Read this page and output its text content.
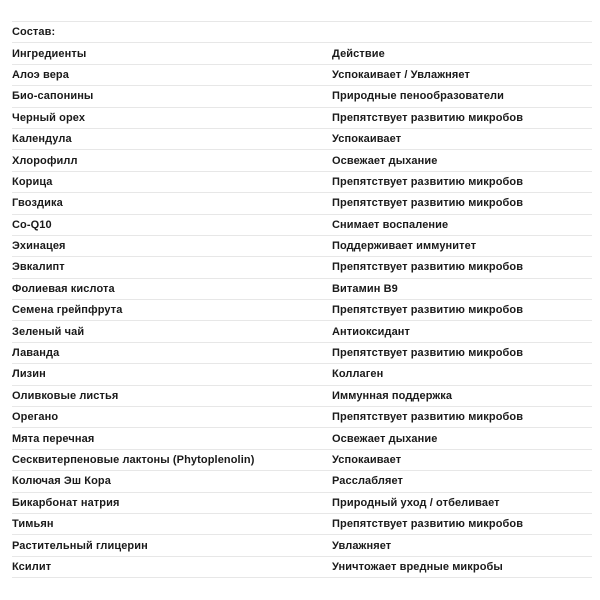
Состав:
Ингредиенты	Действие
Алоэ вера	Успокаивает / Увлажняет
Био-сапонины	Природные пенообразователи
Черный орех	Препятствует развитию микробов
Календула	Успокаивает
Хлорофилл	Освежает дыхание
Корица	Препятствует развитию микробов
Гвоздика	Препятствует развитию микробов
Co-Q10	Снимает воспаление
Эхинацея	Поддерживает иммунитет
Эвкалипт	Препятствует развитию микробов
Фолиевая кислота	Витамин B9
Семена грейпфрута	Препятствует развитию микробов
Зеленый чай	Антиоксидант
Лаванда	Препятствует развитию микробов
Лизин	Коллаген
Оливковые листья	Иммунная поддержка
Орегано	Препятствует развитию микробов
Мята перечная	Освежает дыхание
Сесквитерпеновые лактоны (Phytoplenolin)	Успокаивает
Колючая Эш Кора	Расслабляет
Бикарбонат натрия	Природный уход / отбеливает
Тимьян	Препятствует развитию микробов
Растительный глицерин	Увлажняет
Ксилит	Уничтожает вредные микробы
